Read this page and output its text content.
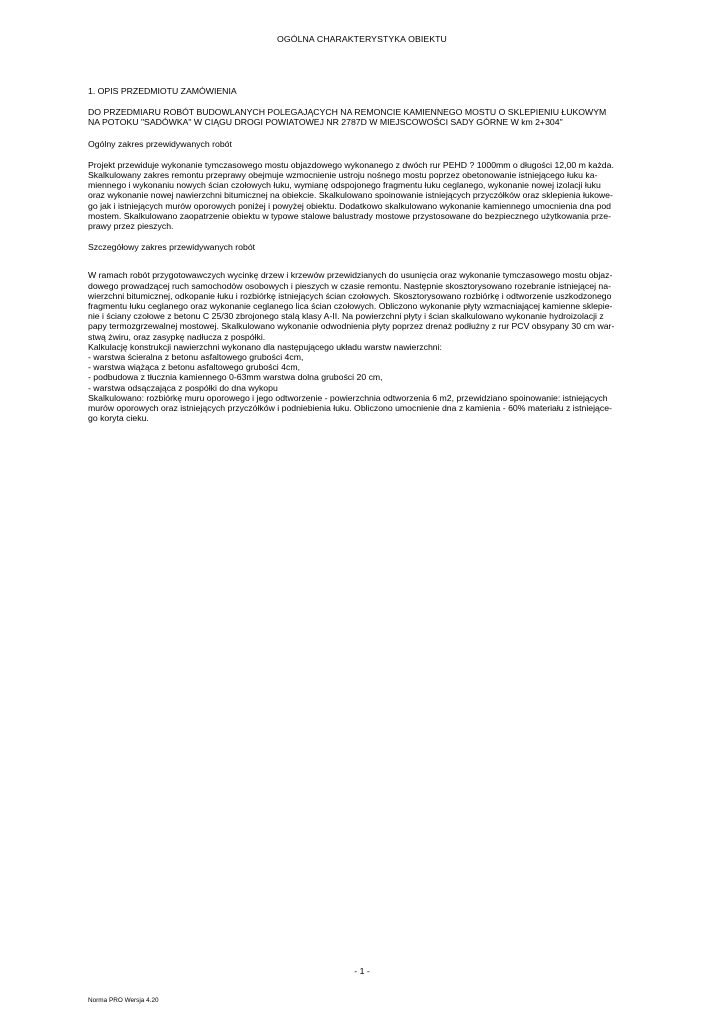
OGÓLNA CHARAKTERYSTYKA OBIEKTU

1. OPIS PRZEDMIOTU ZAMÓWIENIA

DO PRZEDMIARU ROBÓT BUDOWLANYCH POLEGAJĄCYCH NA REMONCIE KAMIENNEGO MOSTU O SKLEPIENIU ŁUKOWYM
NA POTOKU "SADÓWKA" W CIĄGU DROGI POWIATOWEJ NR 2787D W MIEJSCOWOŚCI SADY GÓRNE W km 2+304"

Ogólny zakres przewidywanych robót

Projekt przewiduje wykonanie tymczasowego mostu objazdowego wykonanego z dwóch rur PEHD ? 1000mm o długości 12,00 m każda.
Skalkulowany zakres remontu przeprawy obejmuje wzmocnienie ustroju nośnego mostu poprzez obetonowanie istniejącego łuku ka-
miennego i wykonaniu nowych ścian czołowych łuku, wymianę odspojonego fragmentu łuku ceglanego, wykonanie nowej izolacji łuku
oraz wykonanie nowej nawierzchni bitumicznej na obiekcie. Skalkulowano spoinowanie istniejących przyczółków oraz sklepienia łukowe-
go jak i istniejących murów oporowych poniżej i powyżej obiektu. Dodatkowo skalkulowano wykonanie kamiennego umocnienia dna pod
mostem. Skalkulowano zaopatrzenie obiektu w typowe stalowe balustrady mostowe przystosowane do bezpiecznego użytkowania prze-
prawy przez pieszych.

Szczegółowy zakres przewidywanych robót

W ramach robót przygotowawczych wycinkę drzew i krzewów przewidzianych do usunięcia oraz wykonanie tymczasowego mostu objaz-
dowego prowadzącej ruch samochodów osobowych i pieszych w czasie remontu. Następnie skosztorysowano rozebranie istniejącej na-
wierzchni bitumicznej, odkopanie łuku i rozbiórkę istniejących ścian czołowych. Skosztorysowano rozbiórkę i odtworzenie uszkodzonego
fragmentu łuku ceglanego oraz wykonanie ceglanego lica ścian czołowych. Obliczono wykonanie płyty wzmacniającej kamienne sklepie-
nie i ściany czołowe z betonu C 25/30 zbrojonego stalą klasy A-II. Na powierzchni płyty i ścian skalkulowano wykonanie hydroizolacji z
papy termozgrzewalnej mostowej. Skalkulowano wykonanie odwodnienia płyty poprzez drenaż podłużny z rur PCV obsypany 30 cm war-
stwą żwiru, oraz zasypkę nadłucza z pospółki.
Kalkulację konstrukcji nawierzchni wykonano dla następującego układu warstw nawierzchni:
- warstwa ścieralna z betonu asfaltowego grubości 4cm,
- warstwa wiążąca z betonu asfaltowego grubości 4cm,
- podbudowa z tłucznia kamiennego 0-63mm warstwa dolna grubości 20 cm,
- warstwa odsączająca z pospółki do dna wykopu
Skalkulowano: rozbiórkę muru oporowego i jego odtworzenie - powierzchnia odtworzenia 6 m2, przewidziano spoinowanie: istniejących
murów oporowych oraz istniejących przyczółków i podniebienia łuku. Obliczono umocnienie dna z kamienia - 60% materiału z istniejące-
go koryta cieku.

- 1 -
Norma PRO Wersja 4.20
